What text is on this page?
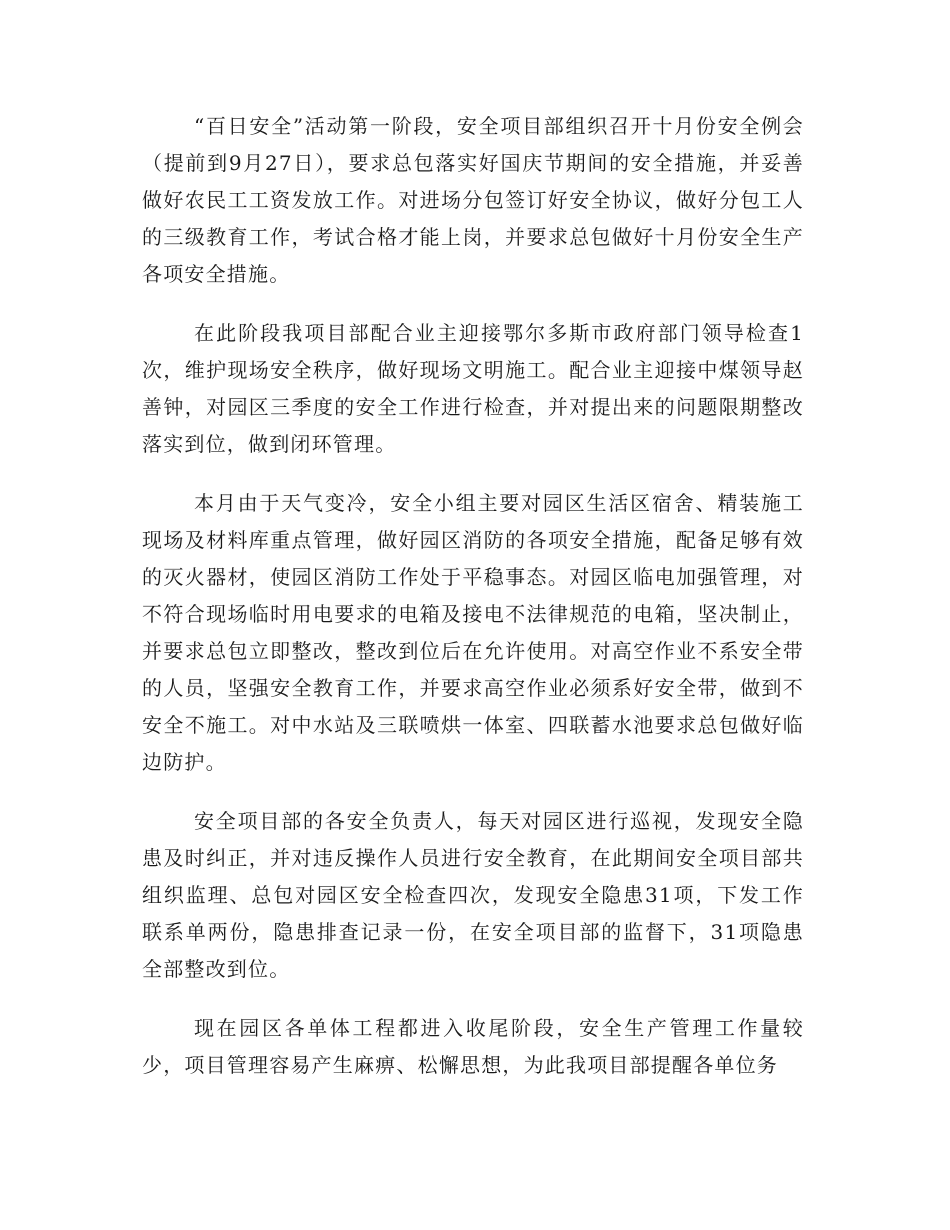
“百日安全”活动第一阶段，安全项目部组织召开十月份安全例会（提前到9月27日），要求总包落实好国庆节期间的安全措施，并妥善做好农民工工资发放工作。对进场分包签订好安全协议，做好分包工人的三级教育工作，考试合格才能上岗，并要求总包做好十月份安全生产各项安全措施。

在此阶段我项目部配合业主迎接鄂尔多斯市政府部门领导检查1次，维护现场安全秩序，做好现场文明施工。配合业主迎接中煤领导赵善钟，对园区三季度的安全工作进行检查，并对提出来的问题限期整改落实到位，做到闭环管理。

本月由于天气变冷，安全小组主要对园区生活区宿舍、精装施工现场及材料库重点管理，做好园区消防的各项安全措施，配备足够有效的灭火器材，使园区消防工作处于平稳事态。对园区临电加强管理，对不符合现场临时用电要求的电箱及接电不法律规范的电箱，坚决制止，并要求总包立即整改，整改到位后在允许使用。对高空作业不系安全带的人员，坚强安全教育工作，并要求高空作业必须系好安全带，做到不安全不施工。对中水站及三联喷烘一体室、四联蓄水池要求总包做好临边防护。

安全项目部的各安全负责人，每天对园区进行巡视，发现安全隐患及时纠正，并对违反操作人员进行安全教育，在此期间安全项目部共组织监理、总包对园区安全检查四次，发现安全隐患31项，下发工作联系单两份，隐患排查记录一份，在安全项目部的监督下，31项隐患全部整改到位。

现在园区各单体工程都进入收尾阶段，安全生产管理工作量较少，项目管理容易产生麻痹、松懈思想，为此我项目部提醒各单位务
